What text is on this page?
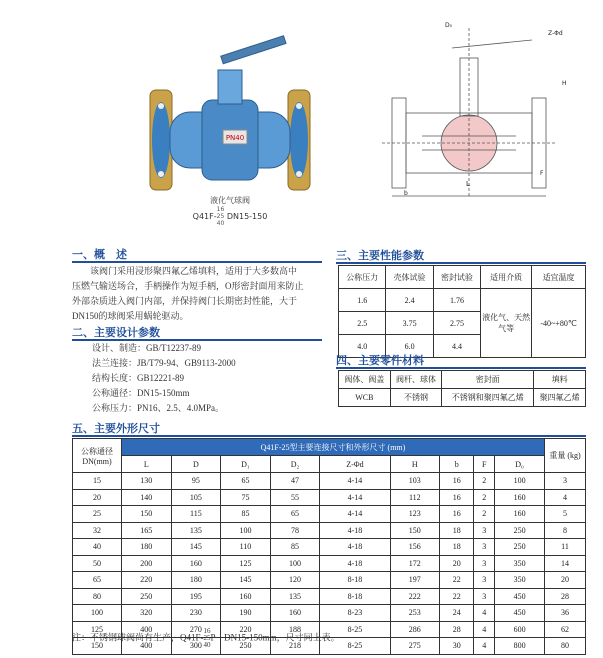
PN40
L
Z-Φd
D₀
H
b
F
液化气球阀
Q41F-16
25
40 DN15-150
一、概　述

该阀门采用浸形聚四氟乙烯填料，适用于大多数高中

压燃气输送场合，手柄操作为短手柄，O形密封面用来防止

外部杂质进入阀门内部，并保持阀门长期密封性能，大于

DN150的球阀采用蜗轮驱动。

二、主要设计参数

设计、制造：GB/T12237-89

法兰连接：JB/T79-94、GB9113-2000

结构长度：GB12221-89

公称通径：DN15-150mm

公称压力：PN16、2.5、4.0MPa。

三、主要性能参数
公称压力	壳体试验	密封试验	适用介质	适宜温度
1.6	2.4	1.76	液化气、天然气等	-40~+80℃
2.5	3.75	2.75		
4.0	6.0	4.4		
四、主要零件材料
阀体、阀盖	阀杆、球体	密封面	填料
WCB	不锈钢	不锈钢和聚四氟乙烯	聚四氟乙烯
五、主要外形尺寸
公称通径 DN(mm)	Q41F-25型主要连接尺寸和外形尺寸 (mm)									重量 (kg)
	L	D	D₁	D₂	Z-Φd	H	b	F	D₀	
15	130	95	65	47	4-14	103	16	2	100	3
20	140	105	75	55	4-14	112	16	2	160	4
25	150	115	85	65	4-14	123	16	2	160	5
32	165	135	100	78	4-18	150	18	3	250	8
40	180	145	110	85	4-18	156	18	3	250	11
50	200	160	125	100	4-18	172	20	3	350	14
65	220	180	145	120	8-18	197	22	3	350	20
80	250	195	160	135	8-18	222	22	3	450	28
100	320	230	190	160	8-23	253	24	4	450	36
125	400	270	220	188	8-25	286	28	4	600	62
150	400	300	250	218	8-25	275	30	4	800	80
注：不锈钢球阀尚有生产，Q41F-16
25
40P　DN15-150mm，尺寸同上表。
